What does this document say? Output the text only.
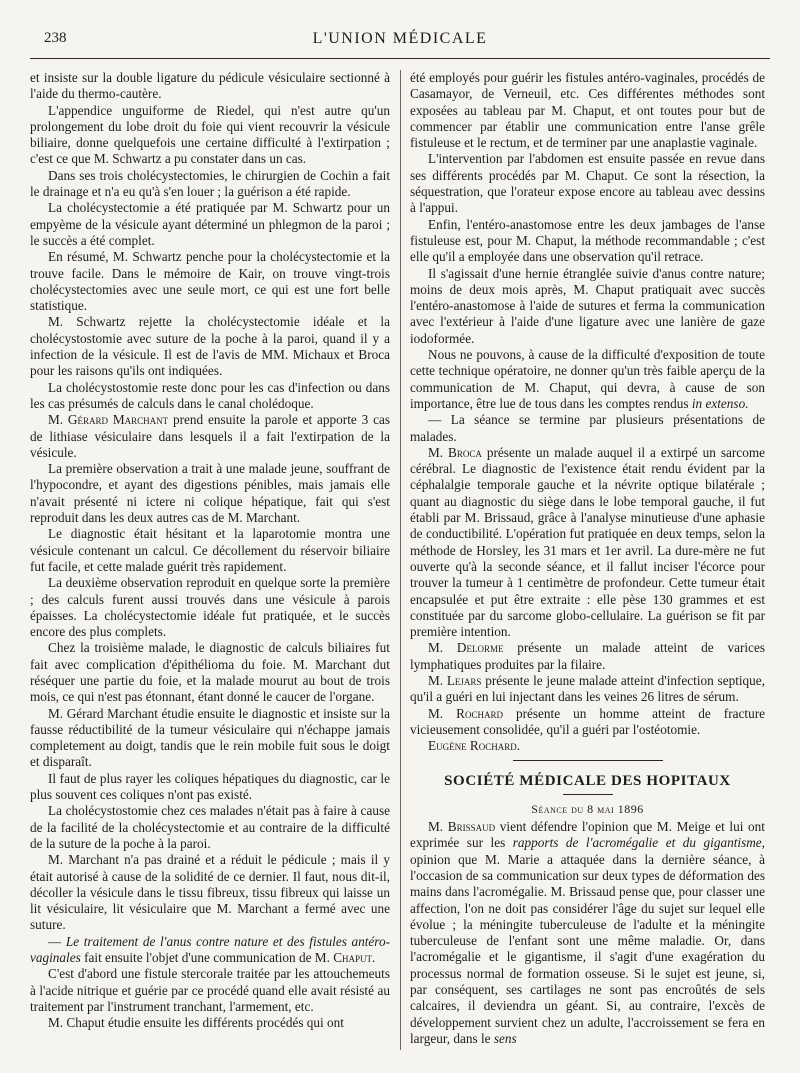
238	L'UNION MÉDICALE

et insiste sur la double ligature du pédicule vésiculaire sectionné à l'aide du thermo-cautère.

L'appendice unguiforme de Riedel, qui n'est autre qu'un prolongement du lobe droit du foie qui vient recouvrir la vésicule biliaire, donne quelquefois une certaine difficulté à l'extirpation ; c'est ce que M. Schwartz a pu constater dans un cas.

Dans ses trois cholécystectomies, le chirurgien de Cochin a fait le drainage et n'a eu qu'à s'en louer ; la guérison a été rapide.

La cholécystectomie a été pratiquée par M. Schwartz pour un empyème de la vésicule ayant déterminé un phlegmon de la paroi ; le succès a été complet.

En résumé, M. Schwartz penche pour la cholécystectomie et la trouve facile. Dans le mémoire de Kair, on trouve vingt-trois cholécystectomies avec une seule mort, ce qui est une fort belle statistique.

M. Schwartz rejette la cholécystectomie idéale et la cholécystostomie avec suture de la poche à la paroi, quand il y a infection de la vésicule. Il est de l'avis de MM. Michaux et Broca pour les raisons qu'ils ont indiquées.

La cholécystostomie reste donc pour les cas d'infection ou dans les cas présumés de calculs dans le canal cholédoque.

M. Gérard Marchant prend ensuite la parole et apporte 3 cas de lithiase vésiculaire dans lesquels il a fait l'extirpation de la vésicule.

La première observation a trait à une malade jeune, souffrant de l'hypocondre, et ayant des digestions pénibles, mais jamais elle n'avait présenté ni ictere ni colique hépatique, fait qui s'est reproduit dans les deux autres cas de M. Marchant.

Le diagnostic était hésitant et la laparotomie montra une vésicule contenant un calcul. Ce décollement du réservoir biliaire fut facile, et cette malade guérit très rapidement.

La deuxième observation reproduit en quelque sorte la première ; des calculs furent aussi trouvés dans une vésicule à parois épaisses. La cholécystectomie idéale fut pratiquée, et le succès encore des plus complets.

Chez la troisième malade, le diagnostic de calculs biliaires fut fait avec complication d'épithélioma du foie. M. Marchant dut réséquer une partie du foie, et la malade mourut au bout de trois mois, ce qui n'est pas étonnant, étant donné le caucer de l'organe.

M. Gérard Marchant étudie ensuite le diagnostic et insiste sur la fausse réductibilité de la tumeur vésiculaire qui n'échappe jamais completement au doigt, tandis que le rein mobile fuit sous le doigt et disparaît.

Il faut de plus rayer les coliques hépatiques du diagnostic, car le plus souvent ces coliques n'ont pas existé.

La cholécystostomie chez ces malades n'était pas à faire à cause de la facilité de la cholécystectomie et au contraire de la difficulté de la suture de la poche à la paroi.

M. Marchant n'a pas drainé et a réduit le pédicule ; mais il y était autorisé à cause de la solidité de ce dernier. Il faut, nous dit-il, décoller la vésicule dans le tissu fibreux, tissu fibreux qui laisse un lit vésiculaire, lit vésiculaire que M. Marchant a fermé avec une suture.

— Le traitement de l'anus contre nature et des fistules antéro-vaginales fait ensuite l'objet d'une communication de M. Chaput.

C'est d'abord une fistule stercorale traitée par les attouchemeuts à l'acide nitrique et guérie par ce procédé quand elle avait résisté au traitement par l'instrument tranchant, l'armement, etc.

M. Chaput étudie ensuite les différents procédés qui ont

été employés pour guérir les fistules antéro-vaginales, procédés de Casamayor, de Verneuil, etc. Ces différentes méthodes sont exposées au tableau par M. Chaput, et ont toutes pour but de commencer par établir une communication entre l'anse grêle fistuleuse et le rectum, et de terminer par une anaplastie vaginale.

L'intervention par l'abdomen est ensuite passée en revue dans ses différents procédés par M. Chaput. Ce sont la résection, la séquestration, que l'orateur expose encore au tableau avec dessins à l'appui.

Enfin, l'entéro-anastomose entre les deux jambages de l'anse fistuleuse est, pour M. Chaput, la méthode recommandable ; c'est elle qu'il a employée dans une observation qu'il retrace.

Il s'agissait d'une hernie étranglée suivie d'anus contre nature; moins de deux mois après, M. Chaput pratiquait avec succès l'entéro-anastomose à l'aide de sutures et ferma la communication avec l'extérieur à l'aide d'une ligature avec une lanière de gaze iodoformée.

Nous ne pouvons, à cause de la difficulté d'exposition de toute cette technique opératoire, ne donner qu'un très faible aperçu de la communication de M. Chaput, qui devra, à cause de son importance, être lue de tous dans les comptes rendus in extenso.

— La séance se termine par plusieurs présentations de malades.

M. Broca présente un malade auquel il a extirpé un sarcome cérébral. Le diagnostic de l'existence était rendu évident par la céphalalgie temporale gauche et la névrite optique bilatérale ; quant au diagnostic du siège dans le lobe temporal gauche, il fut établi par M. Brissaud, grâce à l'analyse minutieuse d'une aphasie de conductibilité. L'opération fut pratiquée en deux temps, selon la méthode de Horsley, les 31 mars et 1er avril. La dure-mère ne fut ouverte qu'à la seconde séance, et il fallut inciser l'écorce pour trouver la tumeur à 1 centimètre de profondeur. Cette tumeur était encapsulée et put être extraite : elle pèse 130 grammes et est constituée par du sarcome globo-cellulaire. La guérison se fit par première intention.

M. Delorme présente un malade atteint de varices lymphatiques produites par la filaire.

M. Lejars présente le jeune malade atteint d'infection septique, qu'il a guéri en lui injectant dans les veines 26 litres de sérum.

M. Rochard présente un homme atteint de fracture vicieusement consolidée, qu'il a guéri par l'ostéotomie.

Eugène Rochard.

SOCIÉTÉ MÉDICALE DES HOPITAUX
Séance du 8 mai 1896

M. Brissaud vient défendre l'opinion que M. Meige et lui ont exprimée sur les rapports de l'acromégalie et du gigantisme, opinion que M. Marie a attaquée dans la dernière séance, à l'occasion de sa communication sur deux types de déformation des mains dans l'acromégalie. M. Brissaud pense que, pour classer une affection, l'on ne doit pas considérer l'âge du sujet sur lequel elle évolue ; la méningite tuberculeuse de l'adulte et la méningite tuberculeuse de l'enfant sont une même maladie. Or, dans l'acromégalie et le gigantisme, il s'agit d'une exagération du processus normal de formation osseuse. Si le sujet est jeune, si, par conséquent, ses cartilages ne sont pas encroûtés de sels calcaires, il deviendra un géant. Si, au contraire, l'excès de développement survient chez un adulte, l'accroissement se fera en largeur, dans le sens
